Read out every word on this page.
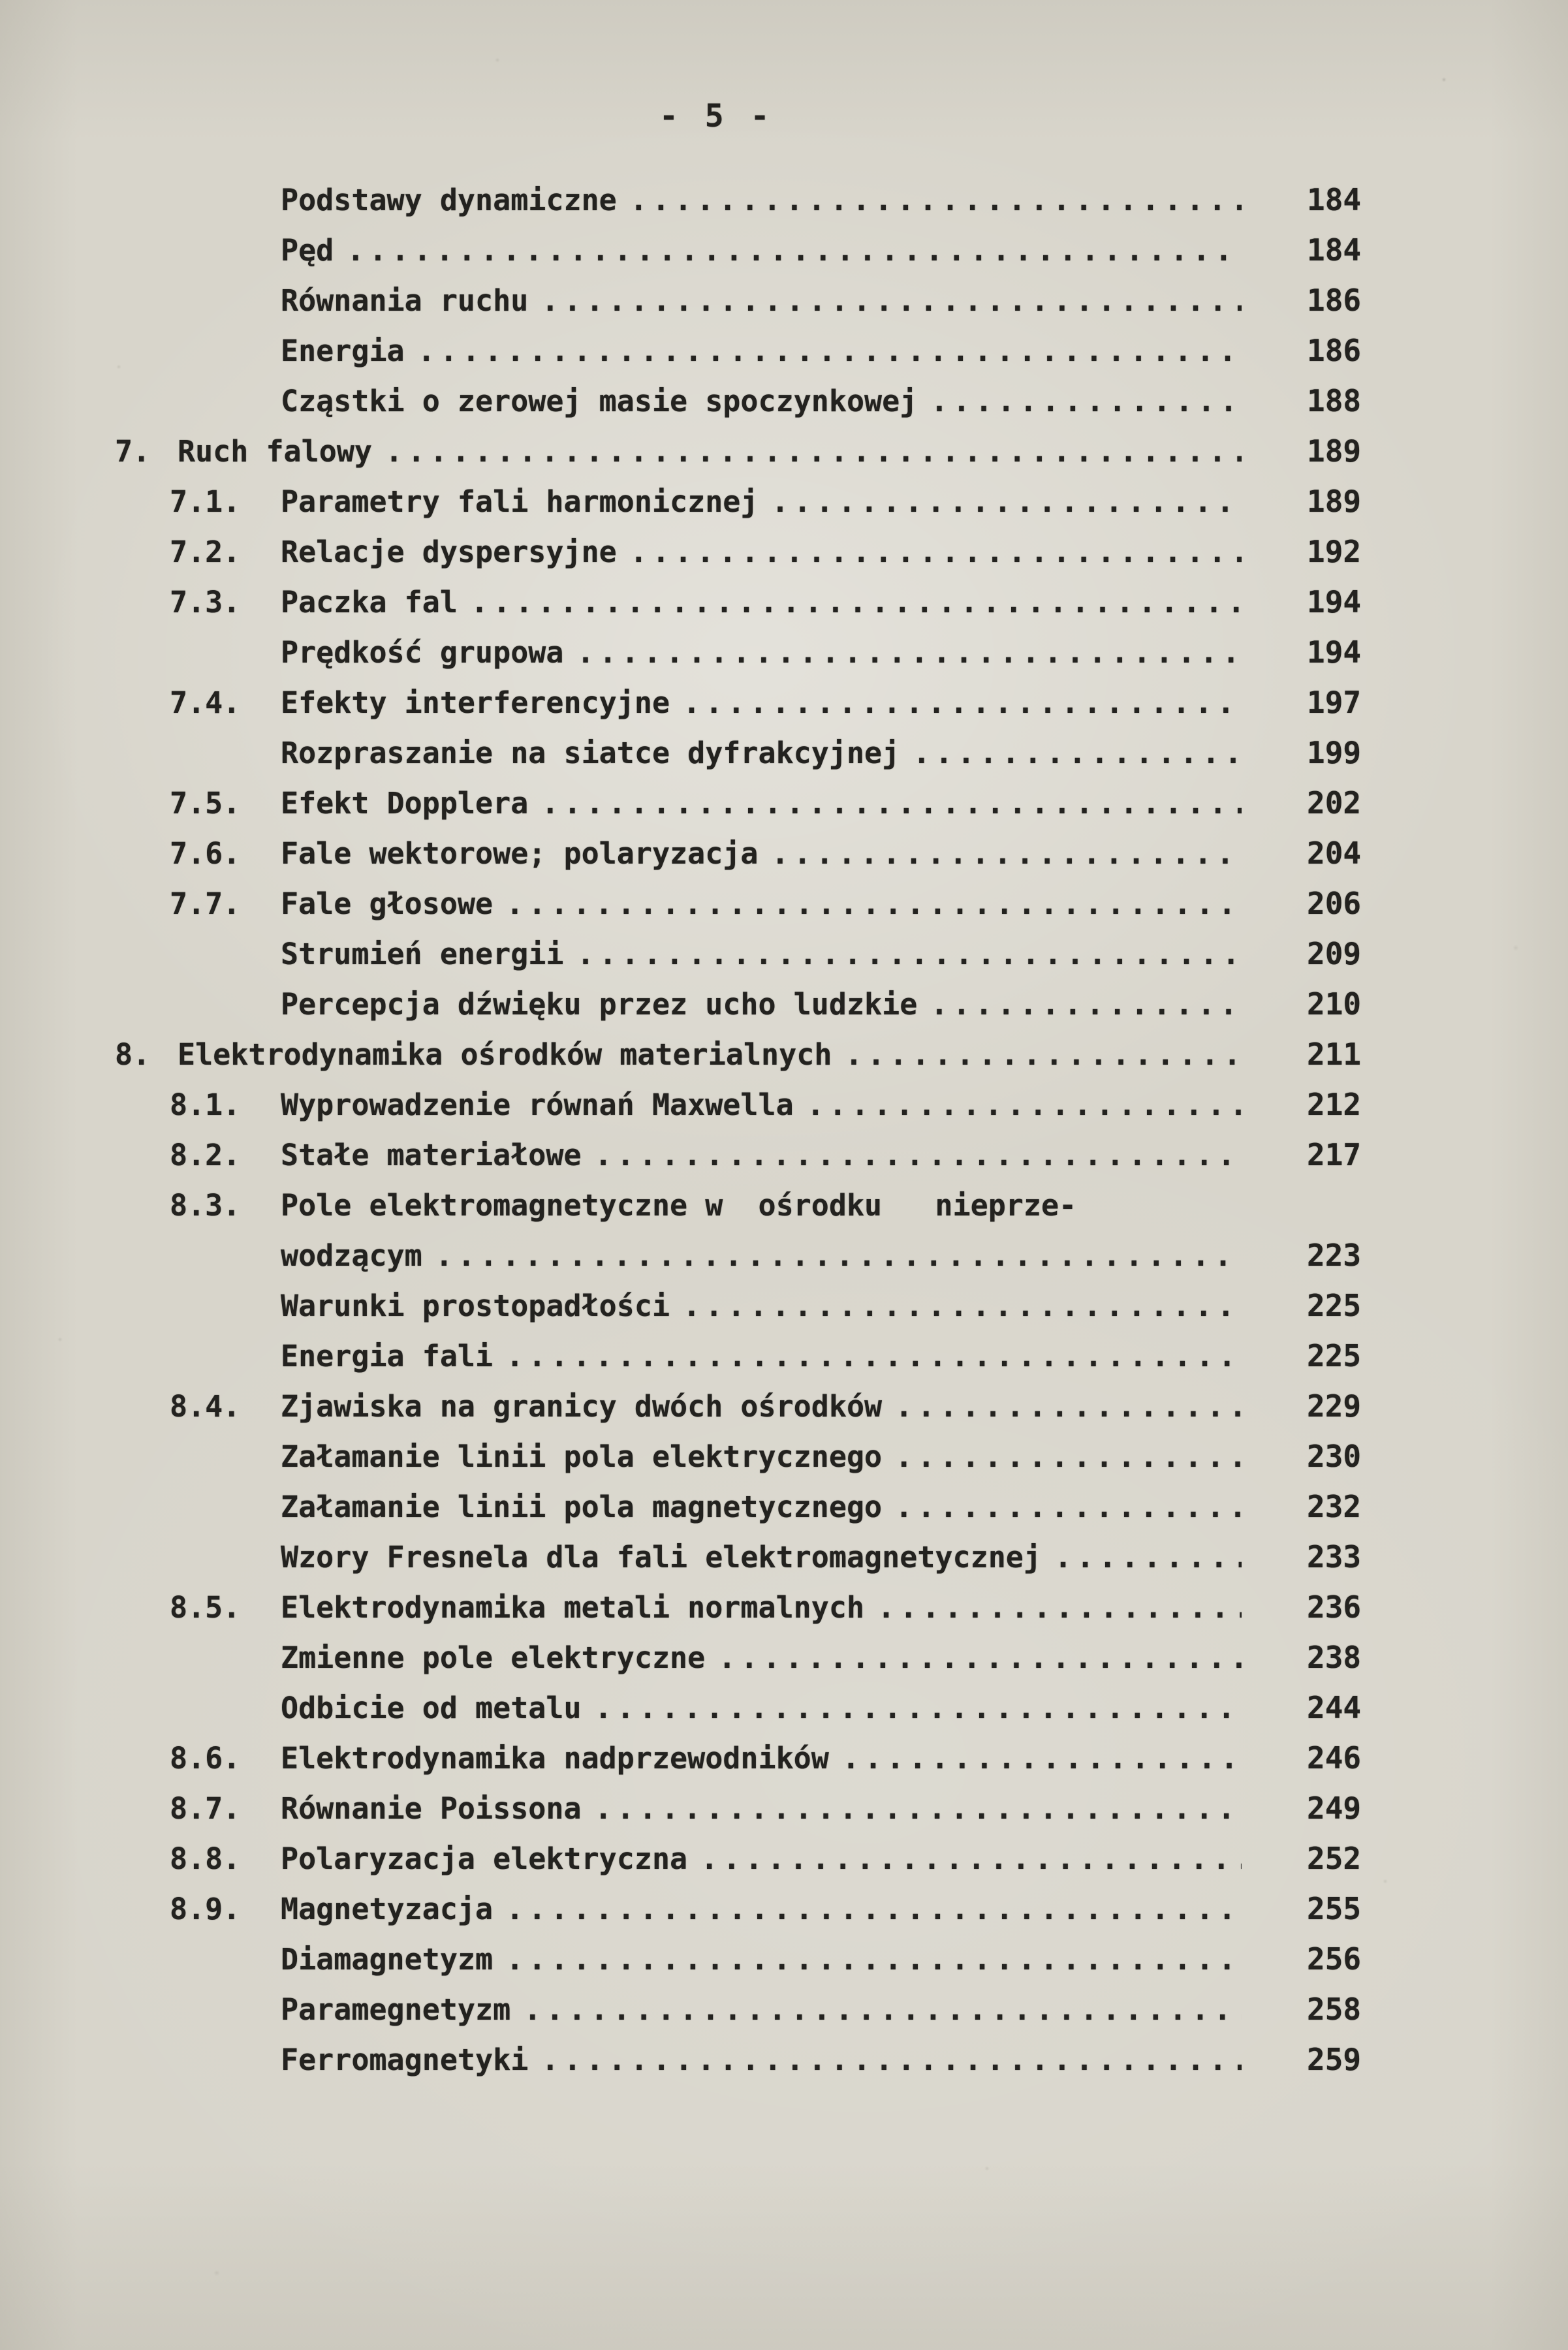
- 5 -
Podstawy dynamiczne .....	184
Pęd .....	184
Równania ruchu .....	186
Energia .....	186
Cząstki o zerowej masie spoczynkowej .....	188
7. Ruch falowy .....	189
7.1.	Parametry fali harmonicznej .....	189
7.2.	Relacje dyspersyjne .....	192
7.3.	Paczka fal .....	194
Prędkość grupowa .....	194
7.4.	Efekty interferencyjne .....	197
Rozpraszanie na siatce dyfrakcyjnej .....	199
7.5.	Efekt Dopplera .....	202
7.6.	Fale wektorowe; polaryzacja .....	204
7.7.	Fale głosowe .....	206
Strumień energii .....	209
Percepcja dźwięku przez ucho ludzkie .....	210
8. Elektrodynamika ośrodków materialnych .....	211
8.1.	Wyprowadzenie równań Maxwella .....	212
8.2.	Stałe materiałowe .....	217
8.3.	Pole elektromagnetyczne w  ośrodku   nieprze-
wodzącym .....	223
Warunki prostopadłości .....	225
Energia fali .....	225
8.4.	Zjawiska na granicy dwóch ośrodków .....	229
Załamanie linii pola elektrycznego .....	230
Załamanie linii pola magnetycznego .....	232
Wzory Fresnela dla fali elektromagnetycznej .....	233
8.5.	Elektrodynamika metali normalnych .....	236
Zmienne pole elektryczne .....	238
Odbicie od metalu .....	244
8.6.	Elektrodynamika nadprzewodników .....	246
8.7.	Równanie Poissona .....	249
8.8.	Polaryzacja elektryczna .....	252
8.9.	Magnetyzacja .....	255
Diamagnetyzm .....	256
Paramegnetyzm .....	258
Ferromagnetyki .....	259
